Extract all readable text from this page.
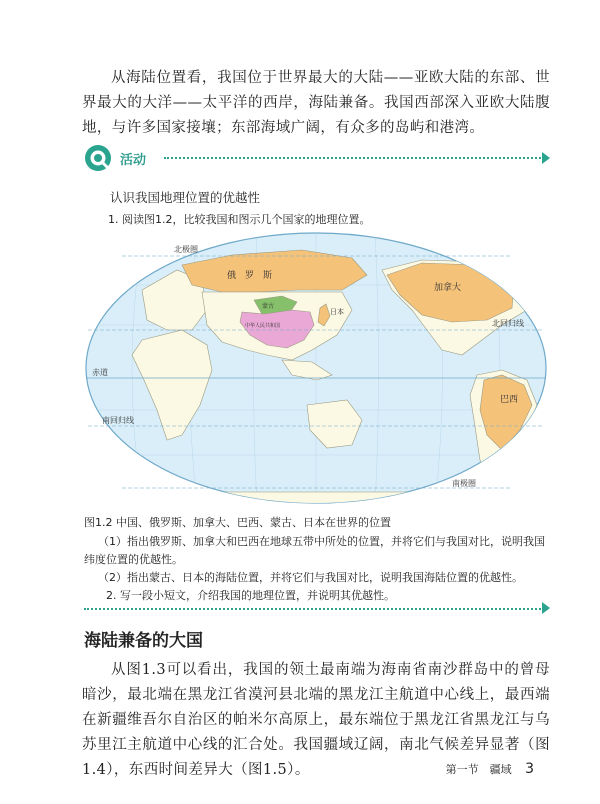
从海陆位置看，我国位于世界最大的大陆——亚欧大陆的东部、世界最大的大洋——太平洋的西岸，海陆兼备。我国西部深入亚欧大陆腹地，与许多国家接壤；东部海域广阔，有众多的岛屿和港湾。

活动
认识我国地理位置的优越性
1. 阅读图1.2，比较我国和图示几个国家的地理位置。
北极圈
北回归线
赤道
南回归线
南极圈
俄　罗　斯
加拿大
蒙古
中华人民共和国
日本
巴西
图1.2 中国、俄罗斯、加拿大、巴西、蒙古、日本在世界的位置

（1）指出俄罗斯、加拿大和巴西在地球五带中所处的位置，并将它们与我国对比，说明我国纬度位置的优越性。

（2）指出蒙古、日本的海陆位置，并将它们与我国对比，说明我国海陆位置的优越性。

2. 写一段小短文，介绍我国的地理位置，并说明其优越性。

海陆兼备的大国

从图1.3可以看出，我国的领土最南端为海南省南沙群岛中的曾母暗沙，最北端在黑龙江省漠河县北端的黑龙江主航道中心线上，最西端在新疆维吾尔自治区的帕米尔高原上，最东端位于黑龙江省黑龙江与乌苏里江主航道中心线的汇合处。我国疆域辽阔，南北气候差异显著（图1.4），东西时间差异大（图1.5）。	第一节　疆域 3
